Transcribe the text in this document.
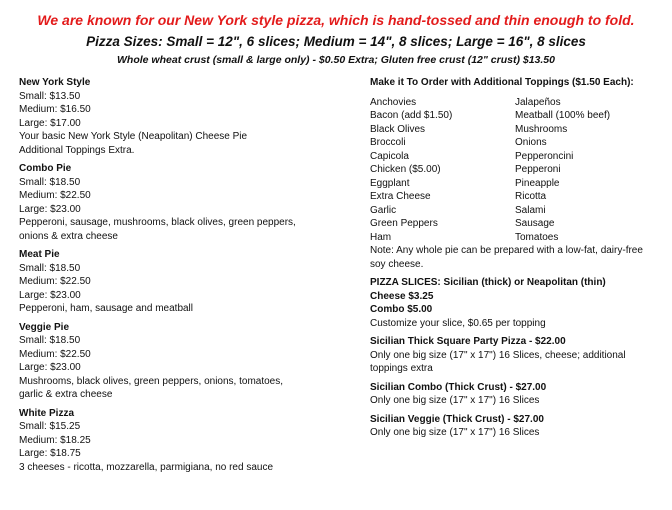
We are known for our New York style pizza, which is hand-tossed and thin enough to fold.
Pizza Sizes: Small = 12", 6 slices; Medium = 14", 8 slices; Large = 16", 8 slices
Whole wheat crust (small & large only) - $0.50 Extra; Gluten free crust (12" crust) $13.50
New York Style
Small: $13.50
Medium: $16.50
Large: $17.00
Your basic New York Style (Neapolitan) Cheese Pie
Additional Toppings Extra.
Combo Pie
Small: $18.50
Medium: $22.50
Large: $23.00
Pepperoni, sausage, mushrooms, black olives, green peppers,
onions & extra cheese
Meat Pie
Small: $18.50
Medium: $22.50
Large: $23.00
Pepperoni, ham, sausage and meatball
Veggie Pie
Small: $18.50
Medium: $22.50
Large: $23.00
Mushrooms, black olives, green peppers, onions, tomatoes,
garlic & extra cheese
White Pizza
Small: $15.25
Medium: $18.25
Large: $18.75
3 cheeses - ricotta, mozzarella, parmigiana, no red sauce
Make it To Order with Additional Toppings ($1.50 Each):
Anchovies
Bacon (add $1.50)
Black Olives
Broccoli
Capicola
Chicken ($5.00)
Eggplant
Extra Cheese
Garlic
Green Peppers
Ham
Jalapeños
Meatball (100% beef)
Mushrooms
Onions
Pepperoncini
Pepperoni
Pineapple
Ricotta
Salami
Sausage
Tomatoes
Note: Any whole pie can be prepared with a low-fat, dairy-free
soy cheese.
PIZZA SLICES: Sicilian (thick) or Neapolitan (thin)
Cheese $3.25
Combo $5.00
Customize your slice, $0.65 per topping
Sicilian Thick Square Party Pizza - $22.00
Only one big size (17" x 17") 16 Slices, cheese; additional
toppings extra
Sicilian Combo (Thick Crust) - $27.00
Only one big size (17" x 17") 16 Slices
Sicilian Veggie (Thick Crust) - $27.00
Only one big size (17" x 17") 16 Slices
